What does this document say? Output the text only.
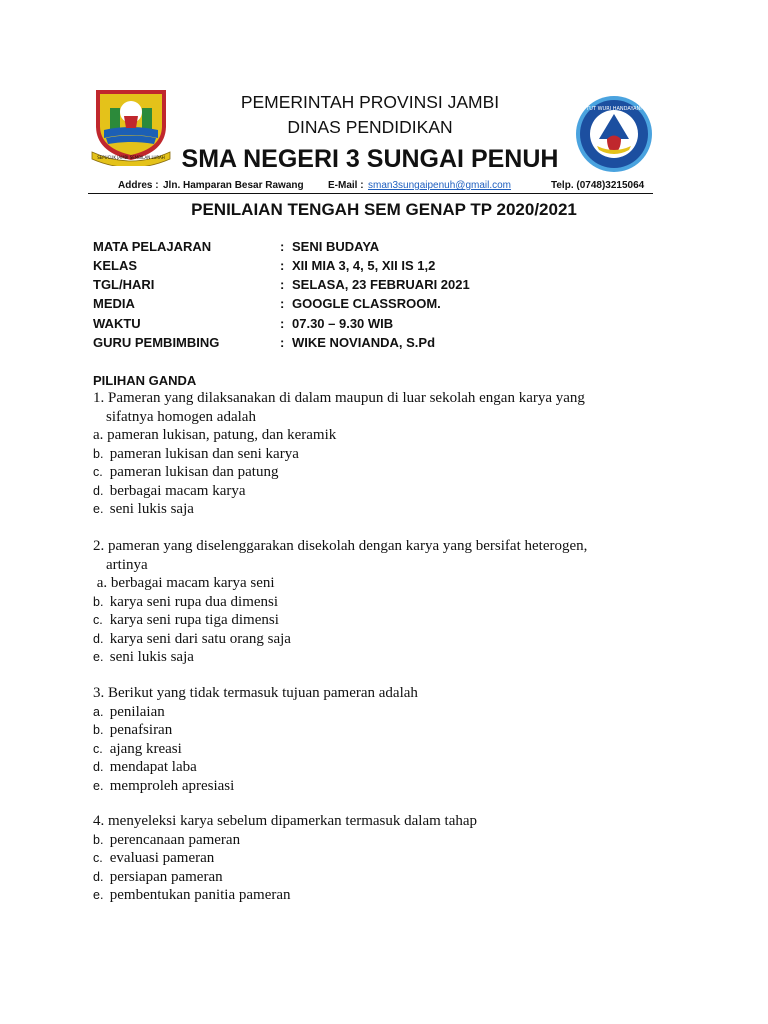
SEPUCUK JAMBI SEMBILAN LURAH
TUT WURI HANDAYANI
PEMERINTAH PROVINSI JAMBI
DINAS PENDIDIKAN
SMA NEGERI 3 SUNGAI PENUH
Addres : Jln. Hamparan Besar Rawang E-Mail : sman3sungaipenuh@gmail.com	Telp. (0748)3215064
PENILAIAN TENGAH SEM GENAP TP 2020/2021
MATA PELAJARAN	: SENI BUDAYA
KELAS	: XII MIA 3, 4, 5, XII IS 1,2
TGL/HARI	: SELASA, 23 FEBRUARI 2021
MEDIA	: GOOGLE CLASSROOM.
WAKTU	: 07.30 – 9.30 WIB
GURU PEMBIMBING	: WIKE NOVIANDA, S.Pd
PILIHAN GANDA
1. Pameran yang dilaksanakan di dalam maupun di luar sekolah engan karya yang
sifatnya homogen adalah
a. pameran lukisan, patung, dan keramik
b. pameran lukisan dan seni karya
c. pameran lukisan dan patung
d. berbagai macam karya
e. seni lukis saja
2. pameran yang diselenggarakan disekolah dengan karya yang bersifat heterogen,
artinya
a. berbagai macam karya seni
b. karya seni rupa dua dimensi
c. karya seni rupa tiga dimensi
d. karya seni dari satu orang saja
e. seni lukis saja
3. Berikut yang tidak termasuk tujuan pameran adalah
a. penilaian
b. penafsiran
c. ajang kreasi
d. mendapat laba
e. memproleh apresiasi
4. menyeleksi karya sebelum dipamerkan termasuk dalam tahap
b. perencanaan pameran
c. evaluasi pameran
d. persiapan pameran
e. pembentukan panitia pameran
